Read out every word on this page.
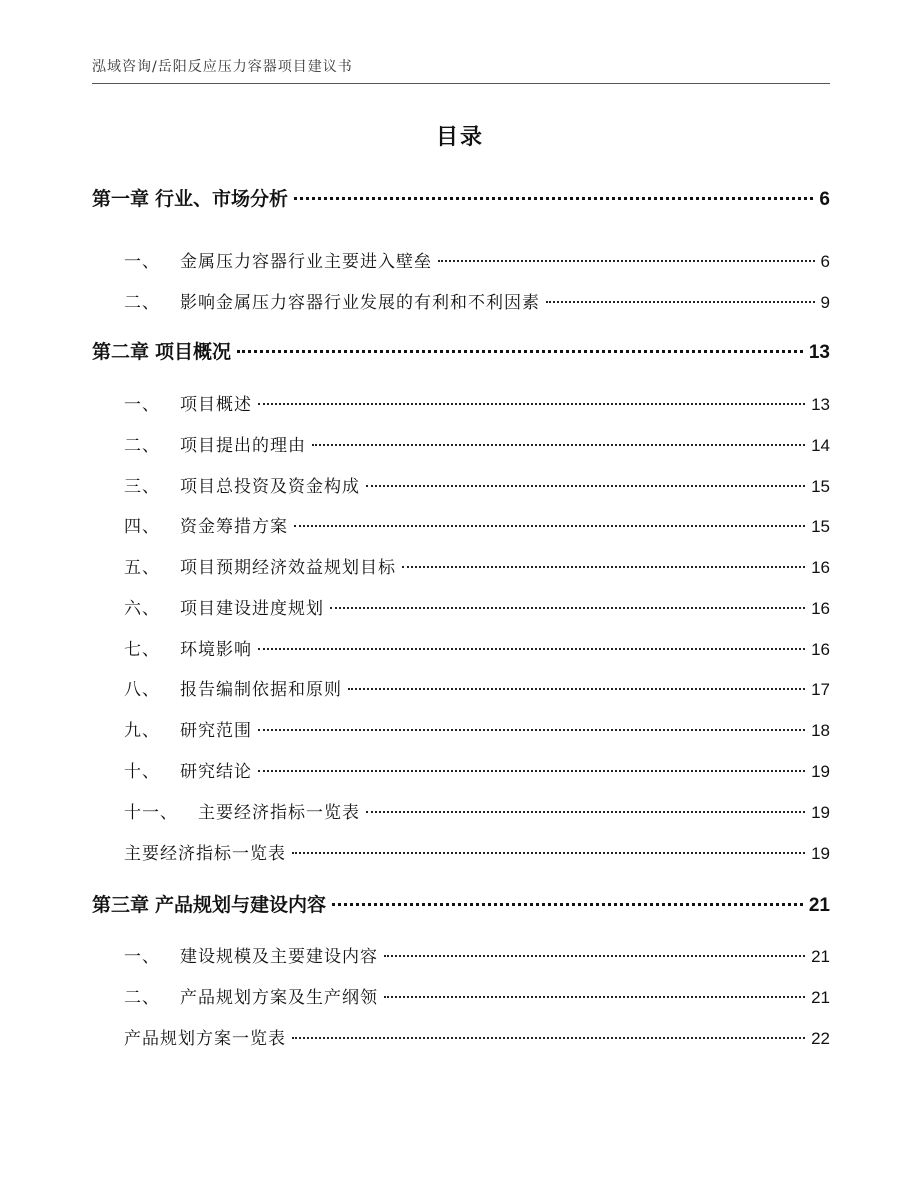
泓域咨询/岳阳反应压力容器项目建议书
目录
第一章 行业、市场分析	6
一、 金属压力容器行业主要进入壁垒	6
二、 影响金属压力容器行业发展的有利和不利因素	9
第二章 项目概况	13
一、 项目概述	13
二、 项目提出的理由	14
三、 项目总投资及资金构成	15
四、 资金筹措方案	15
五、 项目预期经济效益规划目标	16
六、 项目建设进度规划	16
七、 环境影响	16
八、 报告编制依据和原则	17
九、 研究范围	18
十、 研究结论	19
十一、 主要经济指标一览表	19
主要经济指标一览表	19
第三章 产品规划与建设内容	21
一、 建设规模及主要建设内容	21
二、 产品规划方案及生产纲领	21
产品规划方案一览表	22
